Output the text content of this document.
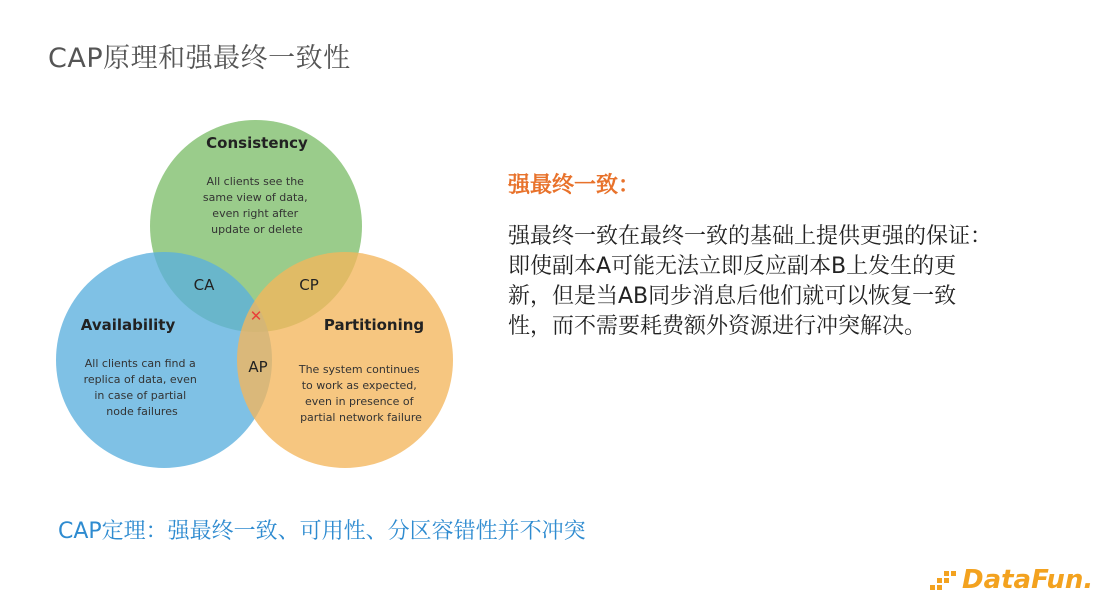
CAP原理和强最终一致性
Consistency
All clients see the same view of data, even right after update or delete
Availability
All clients can find a replica of data, even in case of partial node failures
Partitioning
The system continues to work as expected, even in presence of partial network failure
CA	CP
AP
✕
强最终一致：
强最终一致在最终一致的基础上提供更强的保证：
即使副本A可能无法立即反应副本B上发生的更
新，但是当AB同步消息后他们就可以恢复一致
性，而不需要耗费额外资源进行冲突解决。
CAP定理：强最终一致、可用性、分区容错性并不冲突
DataFun.
